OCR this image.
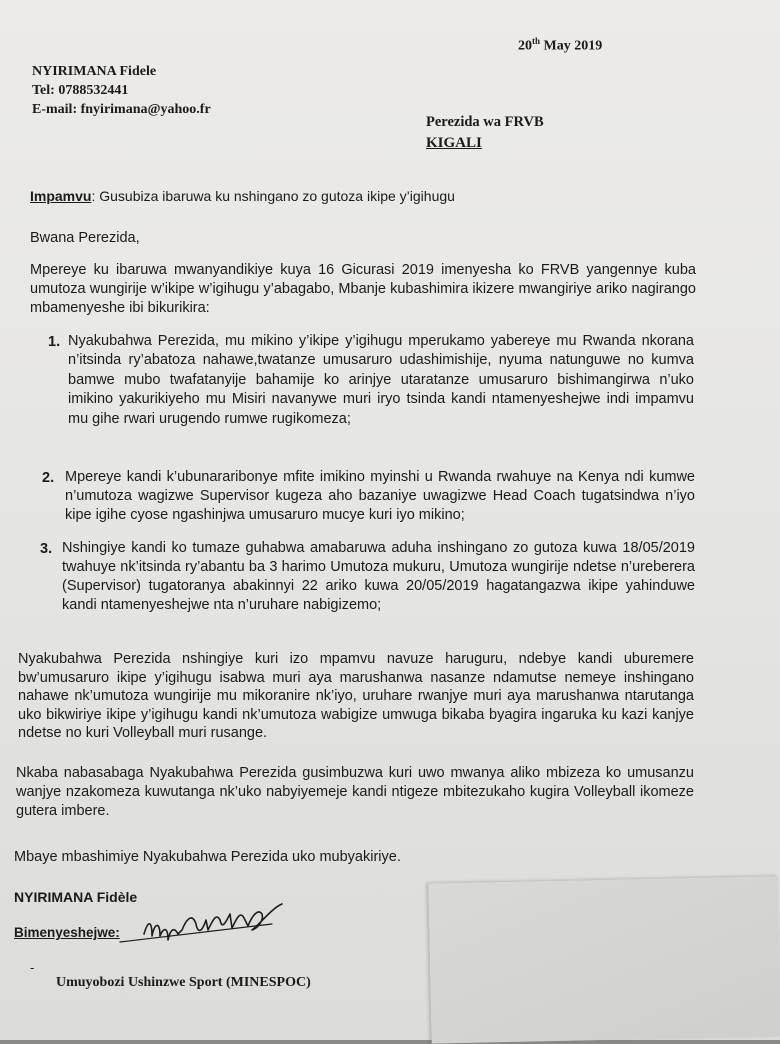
20th May 2019

NYIRIMANA Fidele
Tel: 0788532441
E-mail: fnyirimana@yahoo.fr
Perezida wa FRVB
KIGALI

Impamvu: Gusubiza ibaruwa ku nshingano zo gutoza ikipe y’igihugu

Bwana Perezida,

Mpereye ku ibaruwa mwanyandikiye kuya 16 Gicurasi 2019 imenyesha ko FRVB yangennye kuba umutoza wungirije w’ikipe w’igihugu y’abagabo, Mbanje kubashimira ikizere mwangiriye ariko nagirango mbamenyeshe ibi bikurikira:

1. Nyakubahwa Perezida, mu mikino y’ikipe y’igihugu mperukamo yabereye mu Rwanda nkorana n’itsinda ry’abatoza nahawe,twatanze umusaruro udashimishije, nyuma natunguwe no kumva bamwe mubo twafatanyije bahamije ko arinjye utaratanze umusaruro bishimangirwa n’uko imikino yakurikiyeho mu Misiri navanywe muri iryo tsinda kandi ntamenyeshejwe indi impamvu mu gihe rwari urugendo rumwe rugikomeza;

2. Mpereye kandi k’ubunararibonye mfite imikino myinshi u Rwanda rwahuye na Kenya ndi kumwe n’umutoza wagizwe Supervisor kugeza aho bazaniye uwagizwe Head Coach tugatsindwa n’iyo kipe igihe cyose ngashinjwa umusaruro mucye kuri iyo mikino;

3. Nshingiye kandi ko tumaze guhabwa amabaruwa aduha inshingano zo gutoza kuwa 18/05/2019 twahuye nk’itsinda ry’abantu ba 3 harimo Umutoza mukuru, Umutoza wungirije ndetse n’ureberera (Supervisor) tugatoranya abakinnyi 22 ariko kuwa 20/05/2019 hagatangazwa ikipe yahinduwe kandi ntamenyeshejwe nta n’uruhare nabigizemo;

Nyakubahwa Perezida nshingiye kuri izo mpamvu navuze haruguru, ndebye kandi uburemere bw’umusaruro ikipe y’igihugu isabwa muri aya marushanwa nasanze ndamutse nemeye inshingano nahawe nk’umutoza wungirije mu mikoranire nk’iyo, uruhare rwanjye muri aya marushanwa ntarutanga uko bikwiriye ikipe y’igihugu kandi nk’umutoza wabigize umwuga bikaba byagira ingaruka ku kazi kanjye ndetse no kuri Volleyball muri rusange.

Nkaba nabasabaga Nyakubahwa Perezida gusimbuzwa kuri uwo mwanya aliko mbizeza ko umusanzu wanjye nzakomeza kuwutanga nk’uko nabyiyemeje kandi ntigeze mbitezukaho kugira Volleyball ikomeze gutera imbere.

Mbaye mbashimiye Nyakubahwa Perezida uko mubyakiriye.

NYIRIMANA Fidèle

Bimenyeshejwe:

-

Umuyobozi Ushinzwe Sport (MINESPOC)
